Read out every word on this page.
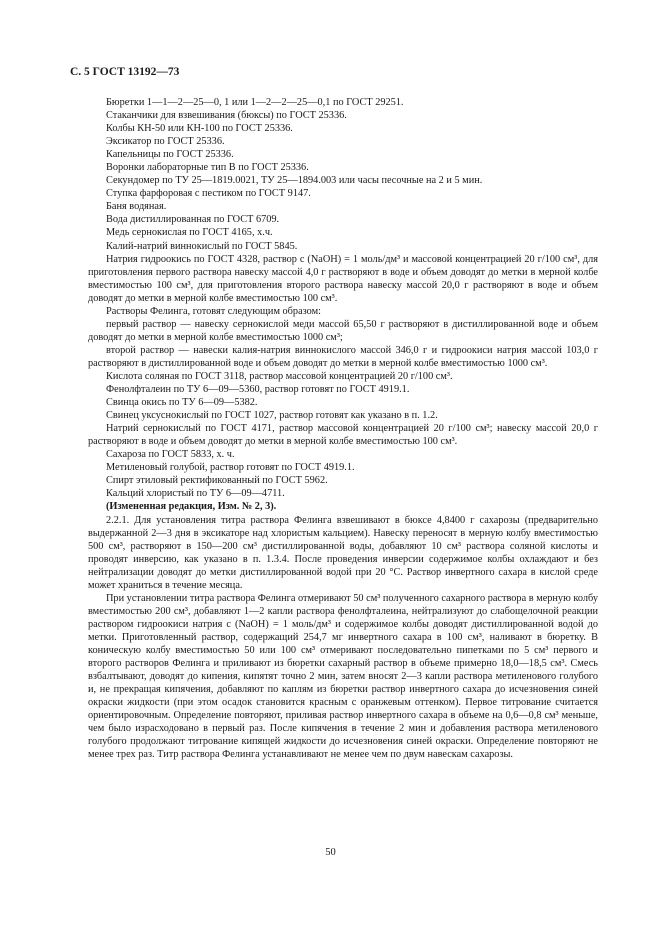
С. 5 ГОСТ 13192—73

Бюретки 1—1—2—25—0, 1 или 1—2—2—25—0,1 по ГОСТ 29251.

Стаканчики для взвешивания (бюксы) по ГОСТ 25336.

Колбы КН-50 или КН-100 по ГОСТ 25336.

Эксикатор по ГОСТ 25336.

Капельницы по ГОСТ 25336.

Воронки лабораторные тип В по ГОСТ 25336.

Секундомер по ТУ 25—1819.0021, ТУ 25—1894.003 или часы песочные на 2 и 5 мин.

Ступка фарфоровая с пестиком по ГОСТ 9147.

Баня водяная.

Вода дистиллированная по ГОСТ 6709.

Медь сернокислая по ГОСТ 4165, х.ч.

Калий-натрий виннокислый по ГОСТ 5845.

Натрия гидроокись по ГОСТ 4328, раствор c (NaOH) = 1 моль/дм³ и массовой концентрацией 20 г/100 см³, для приготовления первого раствора навеску массой 4,0 г растворяют в воде и объем доводят до метки в мерной колбе вместимостью 100 см³, для приготовления второго раствора навеску массой 20,0 г растворяют в воде и объем доводят до метки в мерной колбе вместимостью 100 см³.

Растворы Фелинга, готовят следующим образом:

первый раствор — навеску сернокислой меди массой 65,50 г растворяют в дистиллированной воде и объем доводят до метки в мерной колбе вместимостью 1000 см³;

второй раствор — навески калия-натрия виннокислого массой 346,0 г и гидроокиси натрия массой 103,0 г растворяют в дистиллированной воде и объем доводят до метки в мерной колбе вместимостью 1000 см³.

Кислота соляная по ГОСТ 3118, раствор массовой концентрацией 20 г/100 см³.

Фенолфталеин по ТУ 6—09—5360, раствор готовят по ГОСТ 4919.1.

Свинца окись по ТУ 6—09—5382.

Свинец уксуснокислый по ГОСТ 1027, раствор готовят как указано в п. 1.2.

Натрий сернокислый по ГОСТ 4171, раствор массовой концентрацией 20 г/100 см³; навеску массой 20,0 г растворяют в воде и объем доводят до метки в мерной колбе вместимостью 100 см³.

Сахароза по ГОСТ 5833, х. ч.

Метиленовый голубой, раствор готовят по ГОСТ 4919.1.

Спирт этиловый ректификованный по ГОСТ 5962.

Кальций хлористый по ТУ 6—09—4711.

(Измененная редакция, Изм. № 2, 3).

2.2.1. Для установления титра раствора Фелинга взвешивают в бюксе 4,8400 г сахарозы (предварительно выдержанной 2—3 дня в эксикаторе над хлористым кальцием). Навеску переносят в мерную колбу вместимостью 500 см³, растворяют в 150—200 см³ дистиллированной воды, добавляют 10 см³ раствора соляной кислоты и проводят инверсию, как указано в п. 1.3.4. После проведения инверсии содержимое колбы охлаждают и без нейтрализации доводят до метки дистиллированной водой при 20 °С. Раствор инвертного сахара в кислой среде может храниться в течение месяца.

При установлении титра раствора Фелинга отмеривают 50 см³ полученного сахарного раствора в мерную колбу вместимостью 200 см³, добавляют 1—2 капли раствора фенолфталеина, нейтрализуют до слабощелочной реакции раствором гидроокиси натрия c (NaOH) = 1 моль/дм³ и содержимое колбы доводят дистиллированной водой до метки. Приготовленный раствор, содержащий 254,7 мг инвертного сахара в 100 см³, наливают в бюретку. В коническую колбу вместимостью 50 или 100 см³ отмеривают последовательно пипетками по 5 см³ первого и второго растворов Фелинга и приливают из бюретки сахарный раствор в объеме примерно 18,0—18,5 см³. Смесь взбалтывают, доводят до кипения, кипятят точно 2 мин, затем вносят 2—3 капли раствора метиленового голубого и, не прекращая кипячения, добавляют по каплям из бюретки раствор инвертного сахара до исчезновения синей окраски жидкости (при этом осадок становится красным с оранжевым оттенком). Первое титрование считается ориентировочным. Определение повторяют, приливая раствор инвертного сахара в объеме на 0,6—0,8 см³ меньше, чем было израсходовано в первый раз. После кипячения в течение 2 мин и добавления раствора метиленового голубого продолжают титрование кипящей жидкости до исчезновения синей окраски. Определение повторяют не менее трех раз. Титр раствора Фелинга устанавливают не менее чем по двум навескам сахарозы.

50
